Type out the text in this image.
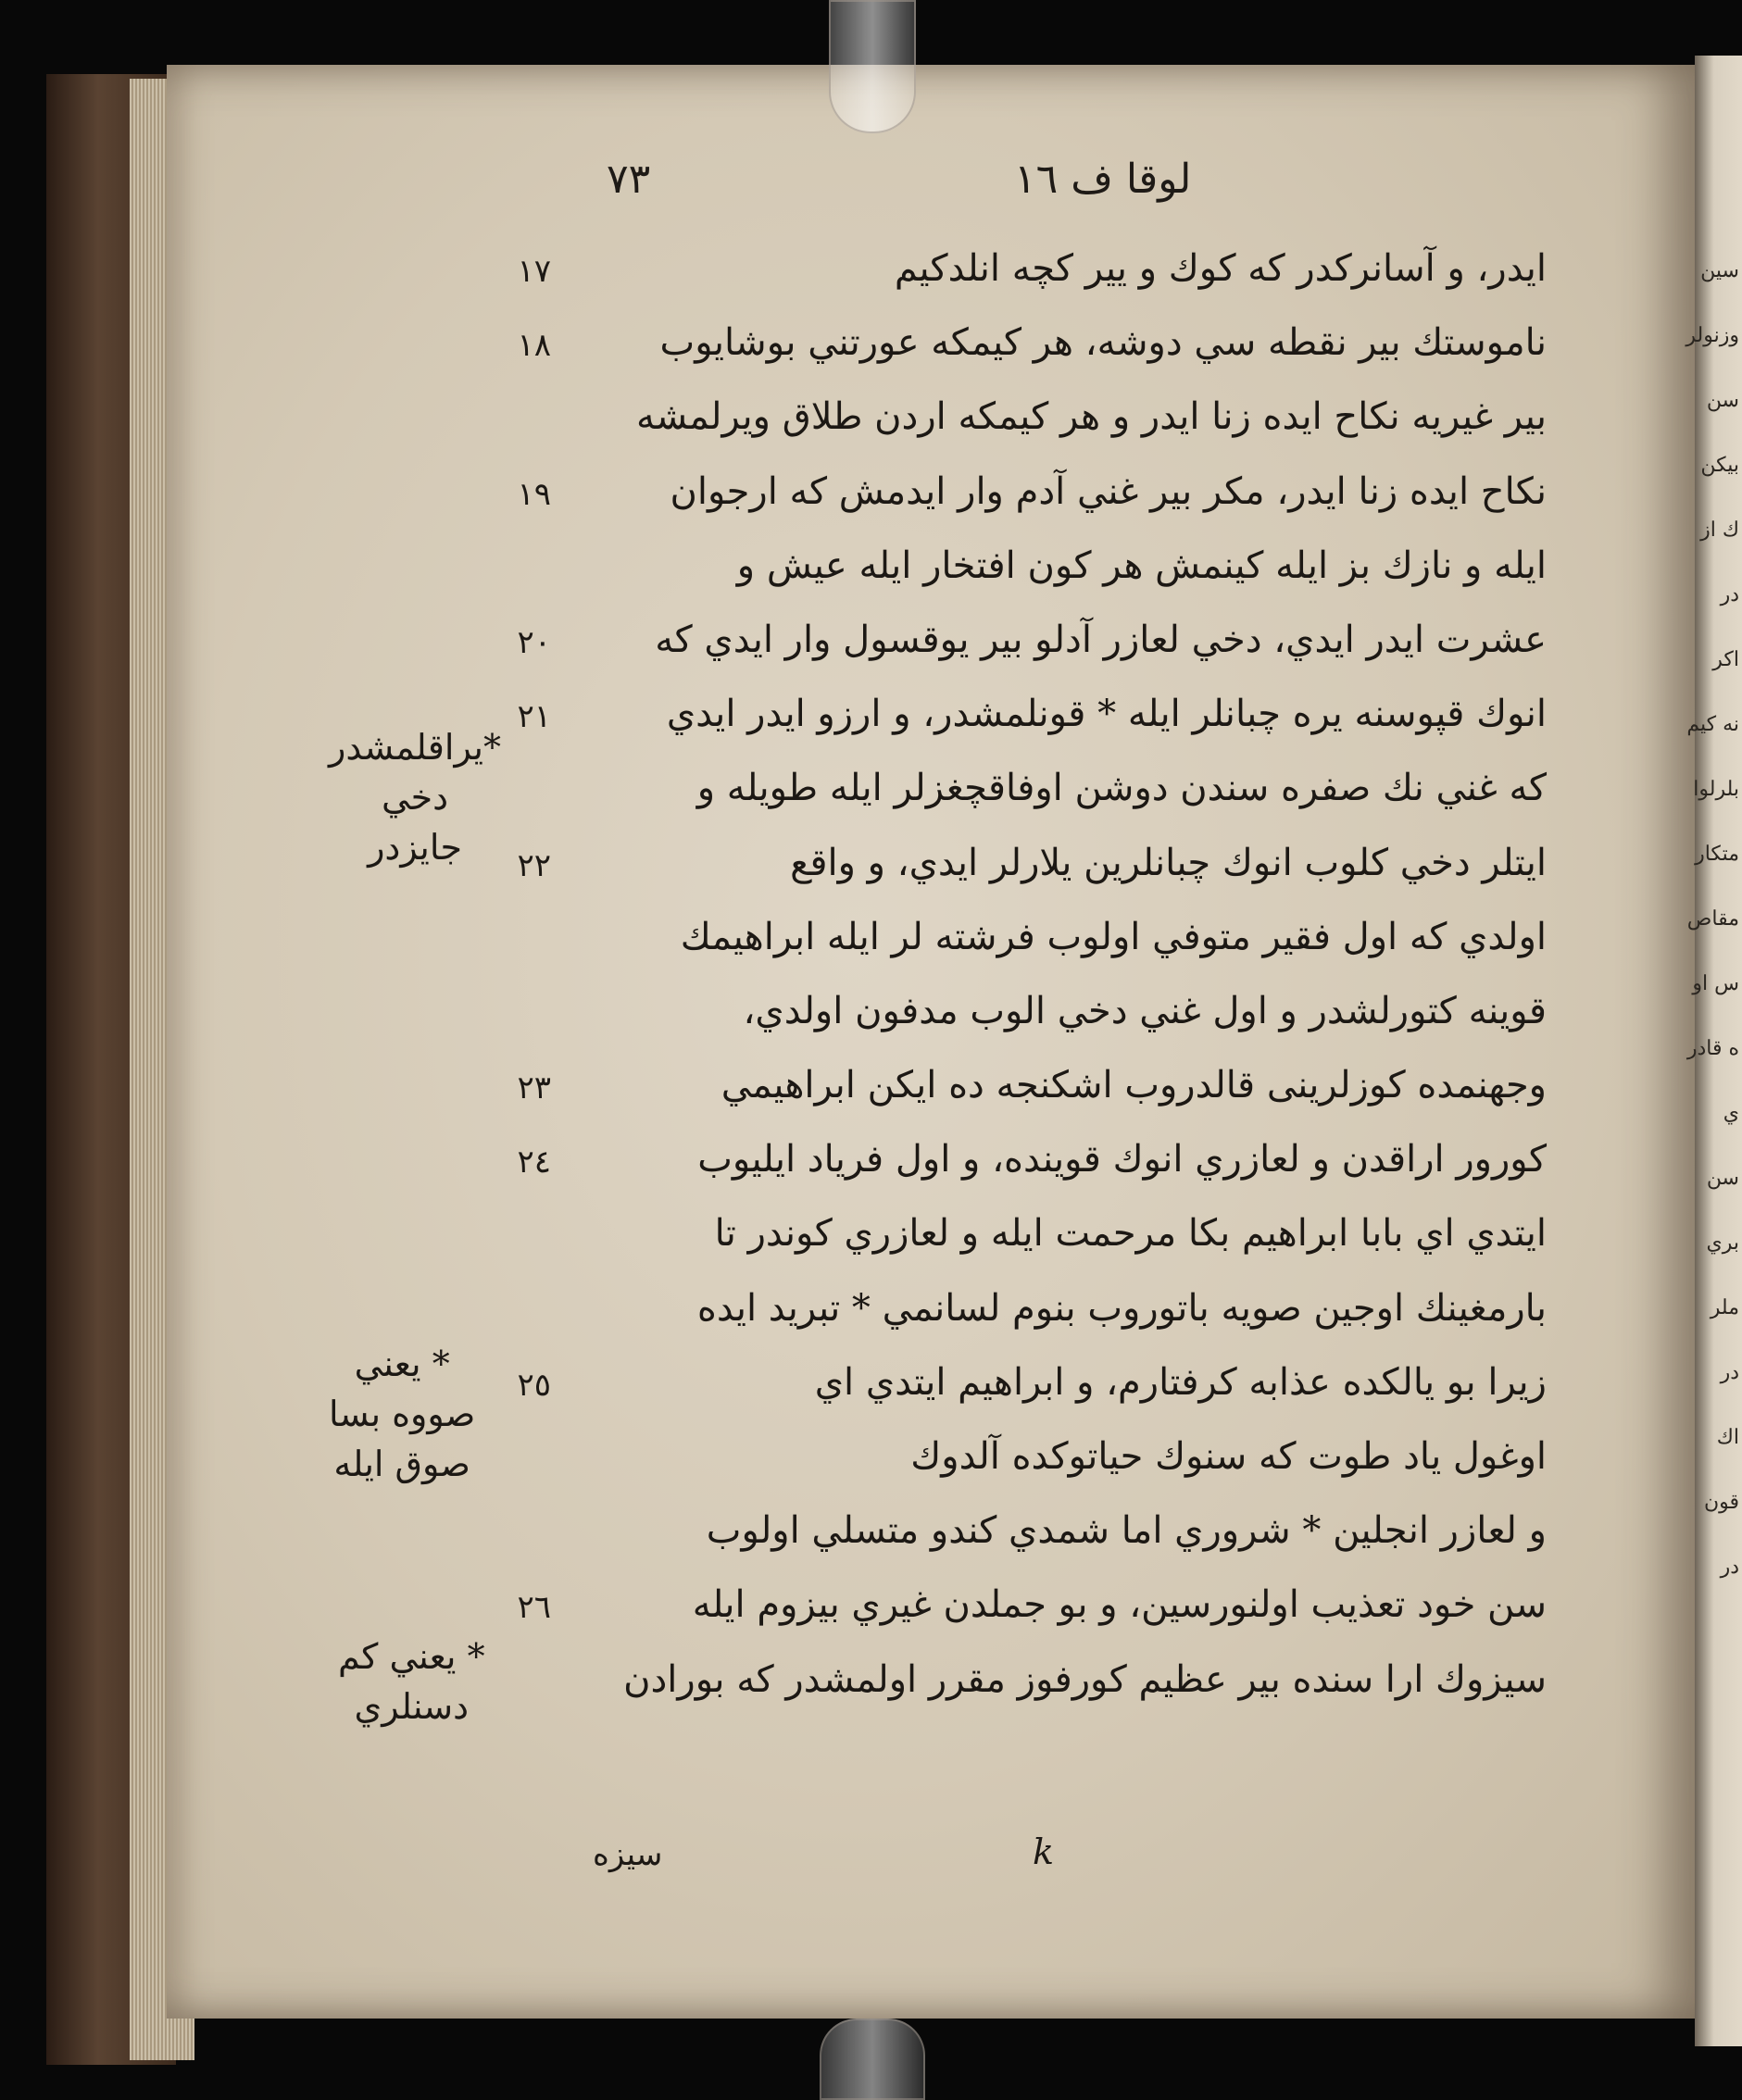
سين
وزنولر
سن
بيكن
ك از
در
اكر
نه كيم
بلرلوا
متكار
مقاص
س او
ه قادر
ي
سن
بري
ملر
در
اك
قون
در
٧٣	لوقا ف ١٦
ايدر، و آسانركدر كه كوك و يير كچه انلدكيم
١٧
ناموستك بير نقطه سي دوشه، هر كيمكه عورتني بوشايوب
١٨
بير غيريه نكاح ايده زنا ايدر و هر كيمكه اردن طلاق ويرلمشه
نكاح ايده زنا ايدر، مكر بير غني آدم وار ايدمش كه ارجوان
١٩
ايله و نازك بز ايله كينمش هر كون افتخار ايله عيش و
عشرت ايدر ايدي، دخي لعازر آدلو بير يوقسول وار ايدي كه
٢٠
انوك قپوسنه يره چبانلر ايله * قونلمشدر، و ارزو ايدر ايدي
٢١
كه غني نك صفره سندن دوشن اوفاقچغزلر ايله طويله و
ايتلر دخي كلوب انوك چبانلرين يلارلر ايدي، و واقع
٢٢
اولدي كه اول فقير متوفي اولوب فرشته لر ايله ابراهيمك
قوينه كتورلشدر و اول غني دخي الوب مدفون اولدي،
وجهنمده كوزلرينی قالدروب اشكنجه ده ايكن ابراهيمي
٢٣
كورور اراقدن و لعازري انوك قوينده، و اول فرياد ايليوب
٢٤
ايتدي اي بابا ابراهيم بكا مرحمت ايله و لعازري كوندر تا
بارمغينك اوجين صويه باتوروب بنوم لسانمي * تبريد ايده
زيرا بو يالكده عذابه كرفتارم، و ابراهيم ايتدي اي
٢٥
اوغول ياد طوت كه سنوك حياتوكده آلدوك
و لعازر انجلين * شروري اما شمدي كندو متسلي اولوب
سن خود تعذيب اولنورسين، و بو جملدن غيري بيزوم ايله
٢٦
سيزوك ارا سنده بير عظيم كورفوز مقرر اولمشدر كه بورادن
*يراقلمشدر
دخي
جايزدر
* يعني
صووه بسا
صوق ايله
* يعني كم
دسنلري
سيزه	k
